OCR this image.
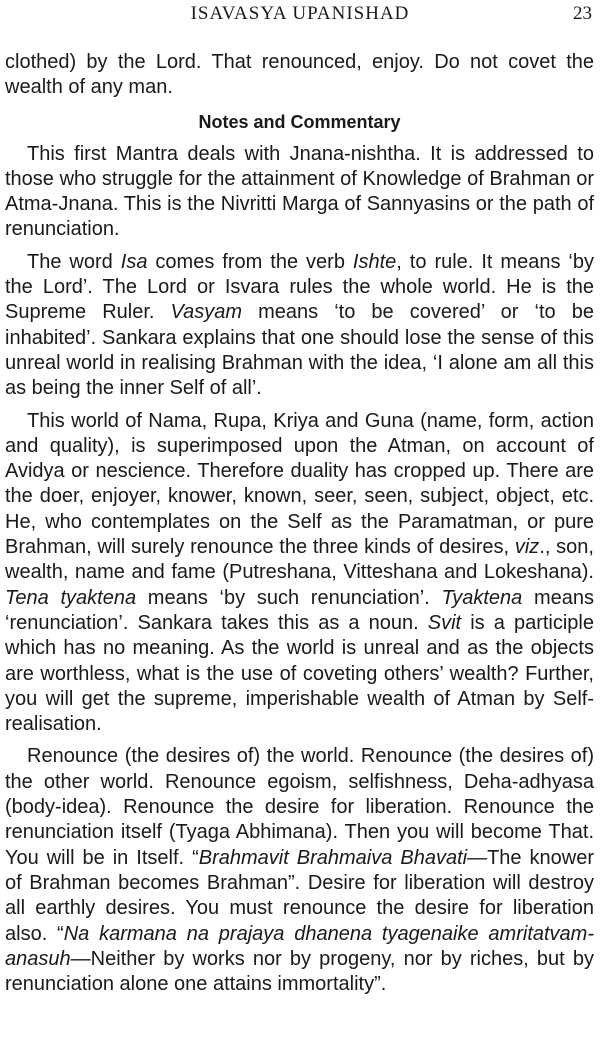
ISAVASYA UPANISHAD	23

clothed) by the Lord. That renounced, enjoy. Do not covet the wealth of any man.

Notes and Commentary

This first Mantra deals with Jnana-nishtha. It is addressed to those who struggle for the attainment of Knowledge of Brahman or Atma-Jnana. This is the Nivritti Marga of Sannyasins or the path of renunciation.

The word Isa comes from the verb Ishte, to rule. It means ‘by the Lord’. The Lord or Isvara rules the whole world. He is the Supreme Ruler. Vasyam means ‘to be covered’ or ‘to be inhabited’. Sankara explains that one should lose the sense of this unreal world in realising Brahman with the idea, ‘I alone am all this as being the inner Self of all’.

This world of Nama, Rupa, Kriya and Guna (name, form, action and quality), is superimposed upon the Atman, on account of Avidya or nescience. Therefore duality has cropped up. There are the doer, enjoyer, knower, known, seer, seen, subject, object, etc. He, who contemplates on the Self as the Paramatman, or pure Brahman, will surely renounce the three kinds of desires, viz., son, wealth, name and fame (Putreshana, Vitteshana and Lokeshana). Tena tyaktena means ‘by such renunciation’. Tyaktena means ‘renunciation’. Sankara takes this as a noun. Svit is a participle which has no meaning. As the world is unreal and as the objects are worthless, what is the use of coveting others’ wealth? Further, you will get the supreme, imperishable wealth of Atman by Self-realisation.

Renounce (the desires of) the world. Renounce (the desires of) the other world. Renounce egoism, selfishness, Deha-adhyasa (body-idea). Renounce the desire for liberation. Renounce the renunciation itself (Tyaga Abhimana). Then you will become That. You will be in Itself. “Brahmavit Brahmaiva Bhavati—The knower of Brahman becomes Brahman”. Desire for liberation will destroy all earthly desires. You must renounce the desire for liberation also. “Na karmana na prajaya dhanena tyagenaike amritatvam-anasuh—Neither by works nor by progeny, nor by riches, but by renunciation alone one attains immortality”.
